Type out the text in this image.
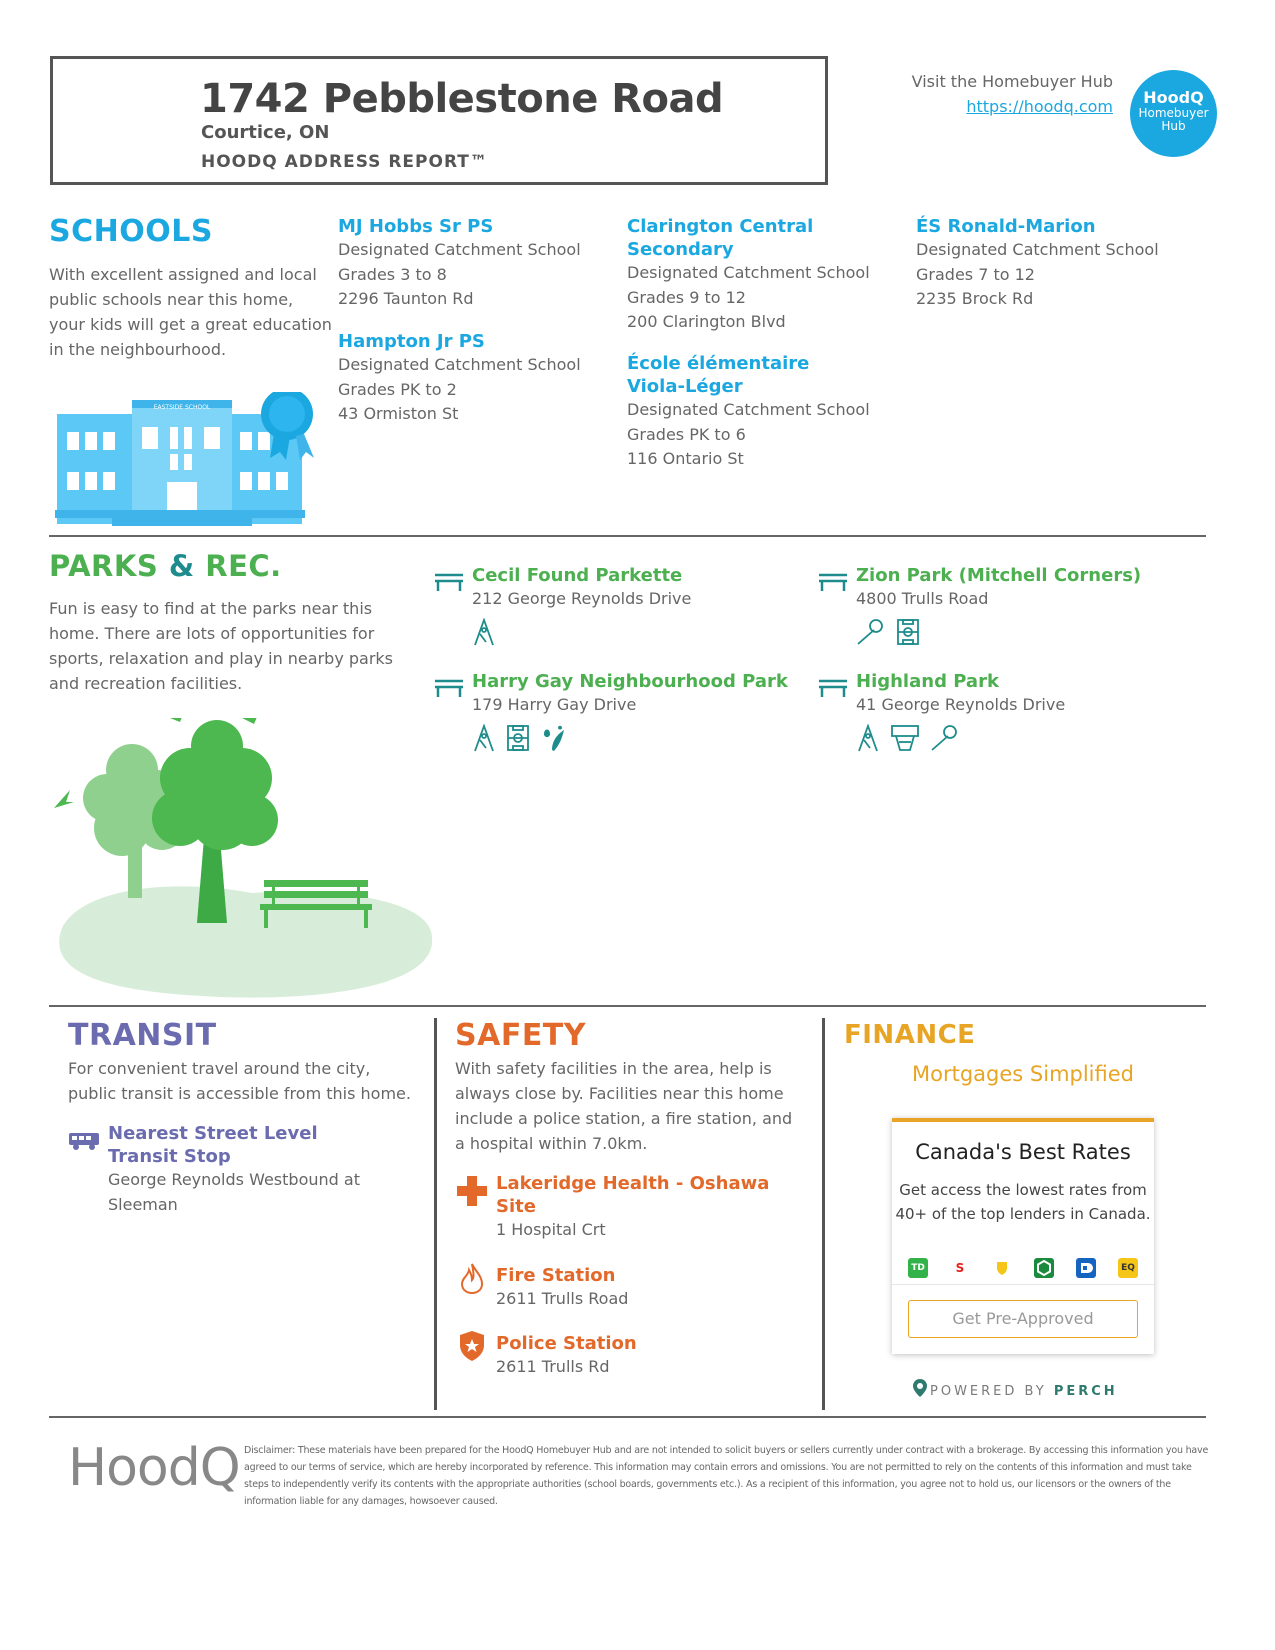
1742 Pebblestone Road
Courtice, ON
HOODQ ADDRESS REPORT™
Visit the Homebuyer Hub
https://hoodq.com	HoodQ
Homebuyer Hub
SCHOOLS
With excellent assigned and local public schools near this home, your kids will get a great education in the neighbourhood.
EASTSIDE SCHOOL
MJ Hobbs Sr PS
Designated Catchment School
Grades 3 to 8
2296 Taunton Rd
Hampton Jr PS
Designated Catchment School
Grades PK to 2
43 Ormiston St
Clarington Central Secondary
Designated Catchment School
Grades 9 to 12
200 Clarington Blvd
École élémentaire Viola-Léger
Designated Catchment School
Grades PK to 6
116 Ontario St
ÉS Ronald-Marion
Designated Catchment School
Grades 7 to 12
2235 Brock Rd
PARKS & REC.
Fun is easy to find at the parks near this home. There are lots of opportunities for sports, relaxation and play in nearby parks and recreation facilities.
Cecil Found Parkette
212 George Reynolds Drive
Zion Park (Mitchell Corners)
4800 Trulls Road
Harry Gay Neighbourhood Park
179 Harry Gay Drive
Highland Park
41 George Reynolds Drive
TRANSIT
For convenient travel around the city, public transit is accessible from this home.
Nearest Street Level Transit Stop
George Reynolds Westbound at Sleeman
SAFETY
With safety facilities in the area, help is always close by. Facilities near this home include a police station, a fire station, and a hospital within 7.0km.
Lakeridge Health - Oshawa Site
1 Hospital Crt
Fire Station
2611 Trulls Road
Police Station
2611 Trulls Rd
FINANCE
Mortgages Simplified
Canada's Best Rates
Get access the lowest rates from 40+ of the top lenders in Canada.
TD	S	EQ
Get Pre-Approved
POWERED BY PERCH
HoodQ Disclaimer: These materials have been prepared for the HoodQ Homebuyer Hub and are not intended to solicit buyers or sellers currently under contract with a brokerage. By accessing this information you have agreed to our terms of service, which are hereby incorporated by reference. This information may contain errors and omissions. You are not permitted to rely on the contents of this information and must take steps to independently verify its contents with the appropriate authorities (school boards, governments etc.). As a recipient of this information, you agree not to hold us, our licensors or the owners of the information liable for any damages, howsoever caused.
